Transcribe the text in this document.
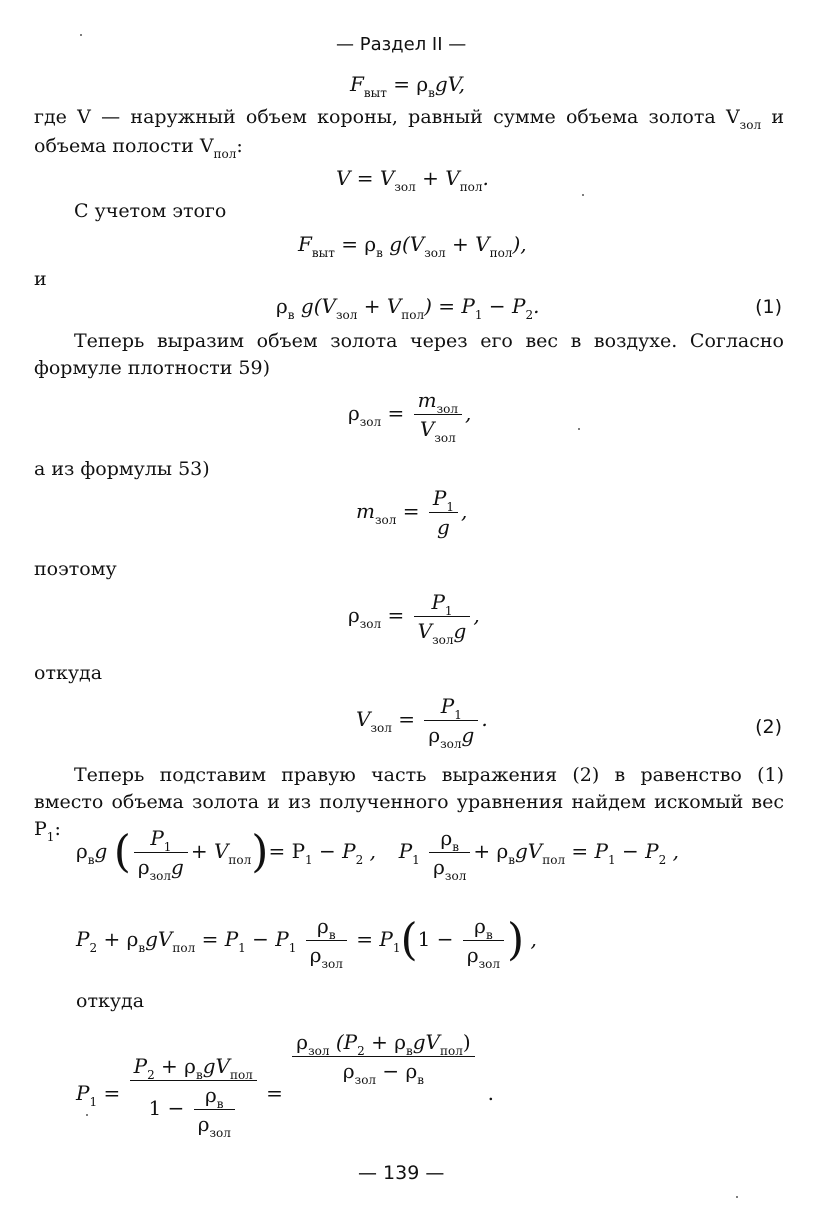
— Раздел II —
$F_{выт} = \rho_вgV$,
где V — наружный объем короны, равный сумме объема золота $V_{зол}$ и объема полости $V_{пол}$:
$V = V_{зол} + V_{пол}$.
С учетом этого
$F_{выт} = \rho_в$ $g(V_{зол} + V_{пол})$,
и
$\rho_в$ $g(V_{зол} + V_{пол}) = P_1 - P_2$.	(1)
Теперь выразим объем золота через его вес в воздухе. Согласно формуле плотности 59)
$\rho_{зол} = \frac{m_{зол}}{V_{зол}}$ ,
а из формулы 53)
$m_{зол} = \frac{P_1}{g}$ ,
поэтому
$\rho_{зол} = \frac{P_1}{V_{зол}g}$ ,
откуда
$V_{зол} = \frac{P_1}{\rho_{зол}g}$ .	(2)
Теперь подставим правую часть выражения (2) в равенство (1) вместо объема золота и из полученного уравнения найдем искомый вес $P_1$:
$\rho_вg$ ( $\frac{P_1}{\rho_{зол}g} + V_{пол})= P_1 - P_2$ , $P_1 \frac{\rho_в}{\rho_{зол}} + \rho_вgV_{пол} = P_1 - P_2$ ,
$P_2 + \rho_вgV_{пол} = P_1 - P_1 \frac{\rho_в}{\rho_{зол}} = P_1(1 - \frac{\rho_в}{\rho_{зол}}$ ) ,
откуда
$P_1 = \frac{P_2 + \rho_вgV_{пол}}{1 - \frac{\rho_в}{\rho_{зол}}}$ =
$\frac{\rho_{зол} (P_2 + \rho_вgV_{пол})}{\rho_{зол} - \rho_в}$
.
— 139 —
